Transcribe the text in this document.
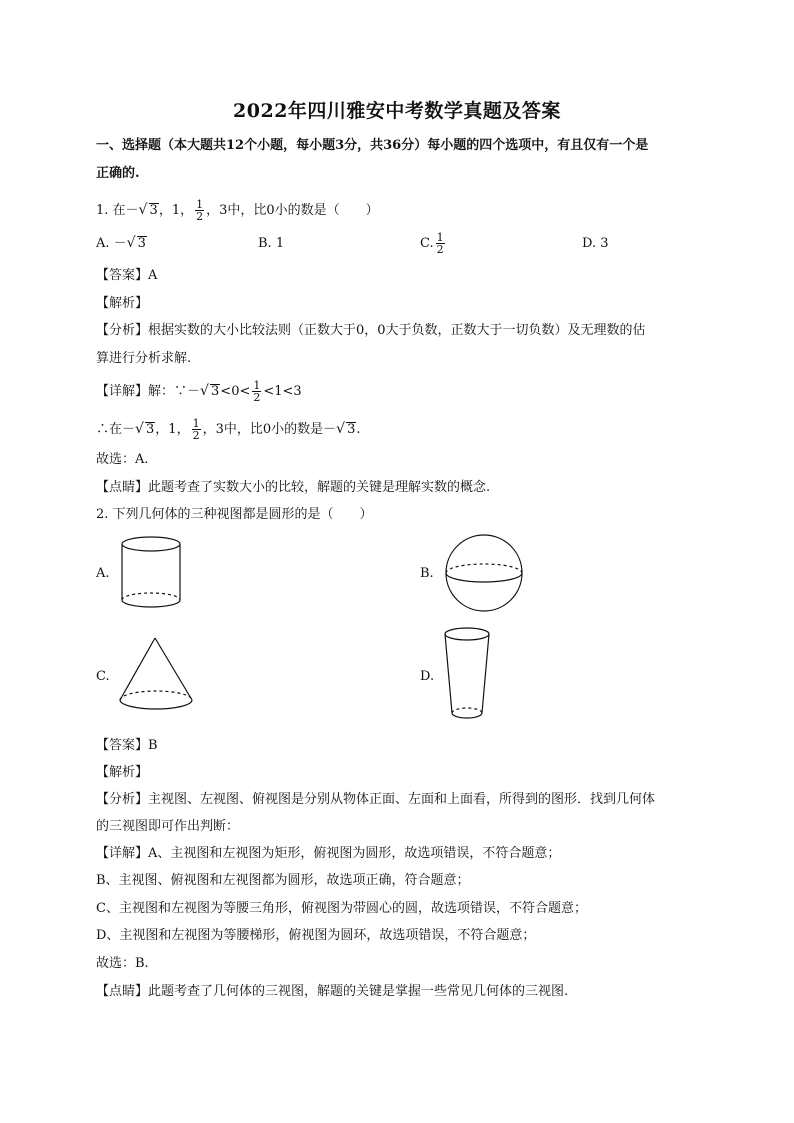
2022年四川雅安中考数学真题及答案
一、选择题（本大题共12个小题，每小题3分，共36分）每小题的四个选项中，有且仅有一个是
正确的.
1. 在－ √ 3，1， $\frac{1}{2}$ ，3中，比0小的数是（　　）
A. － √ 3	B. 1	C. $\frac{1}{2}$	D. 3
【答案】A
【解析】
【分析】根据实数的大小比较法则（正数大于0，0大于负数，正数大于一切负数）及无理数的估
算进行分析求解.
【详解】解：∵－ √ $3<0< \frac{1}{2} <1<3$
∴在－ √ 3，1， $\frac{1}{2}$ ，3中，比0小的数是－ √ 3.
故选：A.
【点睛】此题考查了实数大小的比较，解题的关键是理解实数的概念.
2. 下列几何体的三种视图都是圆形的是（　　）
A.	B.
C.	D.
【答案】B
【解析】
【分析】主视图、左视图、俯视图是分别从物体正面、左面和上面看，所得到的图形．找到几何体
的三视图即可作出判断：
【详解】A、主视图和左视图为矩形，俯视图为圆形，故选项错误，不符合题意；
B、主视图、俯视图和左视图都为圆形，故选项正确，符合题意；
C、主视图和左视图为等腰三角形，俯视图为带圆心的圆，故选项错误，不符合题意；
D、主视图和左视图为等腰梯形，俯视图为圆环，故选项错误，不符合题意；
故选：B.
【点睛】此题考查了几何体的三视图，解题的关键是掌握一些常见几何体的三视图.
